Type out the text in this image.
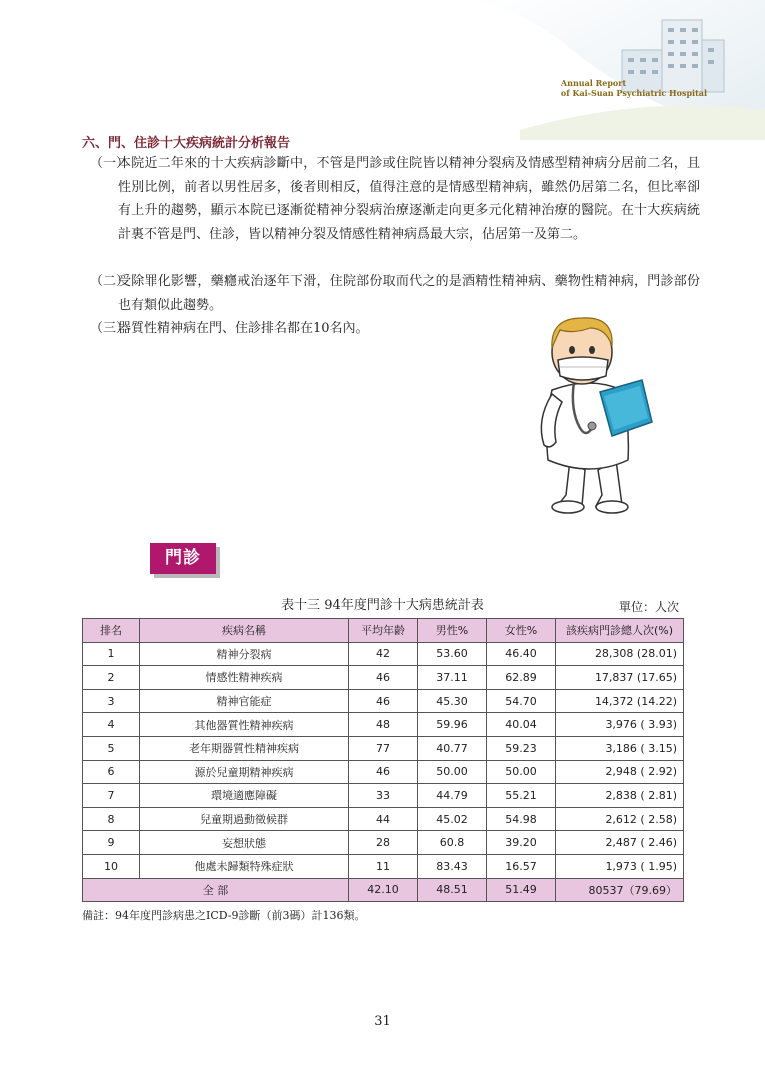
Annual Report
of Kai-Suan Psychiatric Hospital
六、門、住診十大疾病統計分析報告
（一）
本院近二年來的十大疾病診斷中，不管是門診或住院皆以精神分裂病及情感型精神病分居前二名，且性別比例，前者以男性居多，後者則相反，值得注意的是情感型精神病，雖然仍居第二名，但比率卻有上升的趨勢，顯示本院已逐漸從精神分裂病治療逐漸走向更多元化精神治療的醫院。在十大疾病統計裏不管是門、住診，皆以精神分裂及情感性精神病爲最大宗，佔居第一及第二。
（二）
受除罪化影響，藥癮戒治逐年下滑，住院部份取而代之的是酒精性精神病、藥物性精神病，門診部份也有類似此趨勢。
（三）
器質性精神病在門、住診排名都在10名內。
門診
表十三 94年度門診十大病患統計表	單位：人次
排名	疾病名稱	平均年齡	男性%	女性%	該疾病門診總人次(%)
1	精神分裂病	42	53.60	46.40	28,308 (28.01)
2	情感性精神疾病	46	37.11	62.89	17,837 (17.65)
3	精神官能症	46	45.30	54.70	14,372 (14.22)
4	其他器質性精神疾病	48	59.96	40.04	3,976 ( 3.93)
5	老年期器質性精神疾病	77	40.77	59.23	3,186 ( 3.15)
6	源於兒童期精神疾病	46	50.00	50.00	2,948 ( 2.92)
7	環境適應障礙	33	44.79	55.21	2,838 ( 2.81)
8	兒童期過動徵候群	44	45.02	54.98	2,612 ( 2.58)
9	妄想狀態	28	60.8	39.20	2,487 ( 2.46)
10	他處未歸類特殊症狀	11	83.43	16.57	1,973 ( 1.95)
全 部		42.10	48.51	51.49	80537（79.69）
備註：94年度門診病患之ICD-9診斷（前3碼）計136類。
31
